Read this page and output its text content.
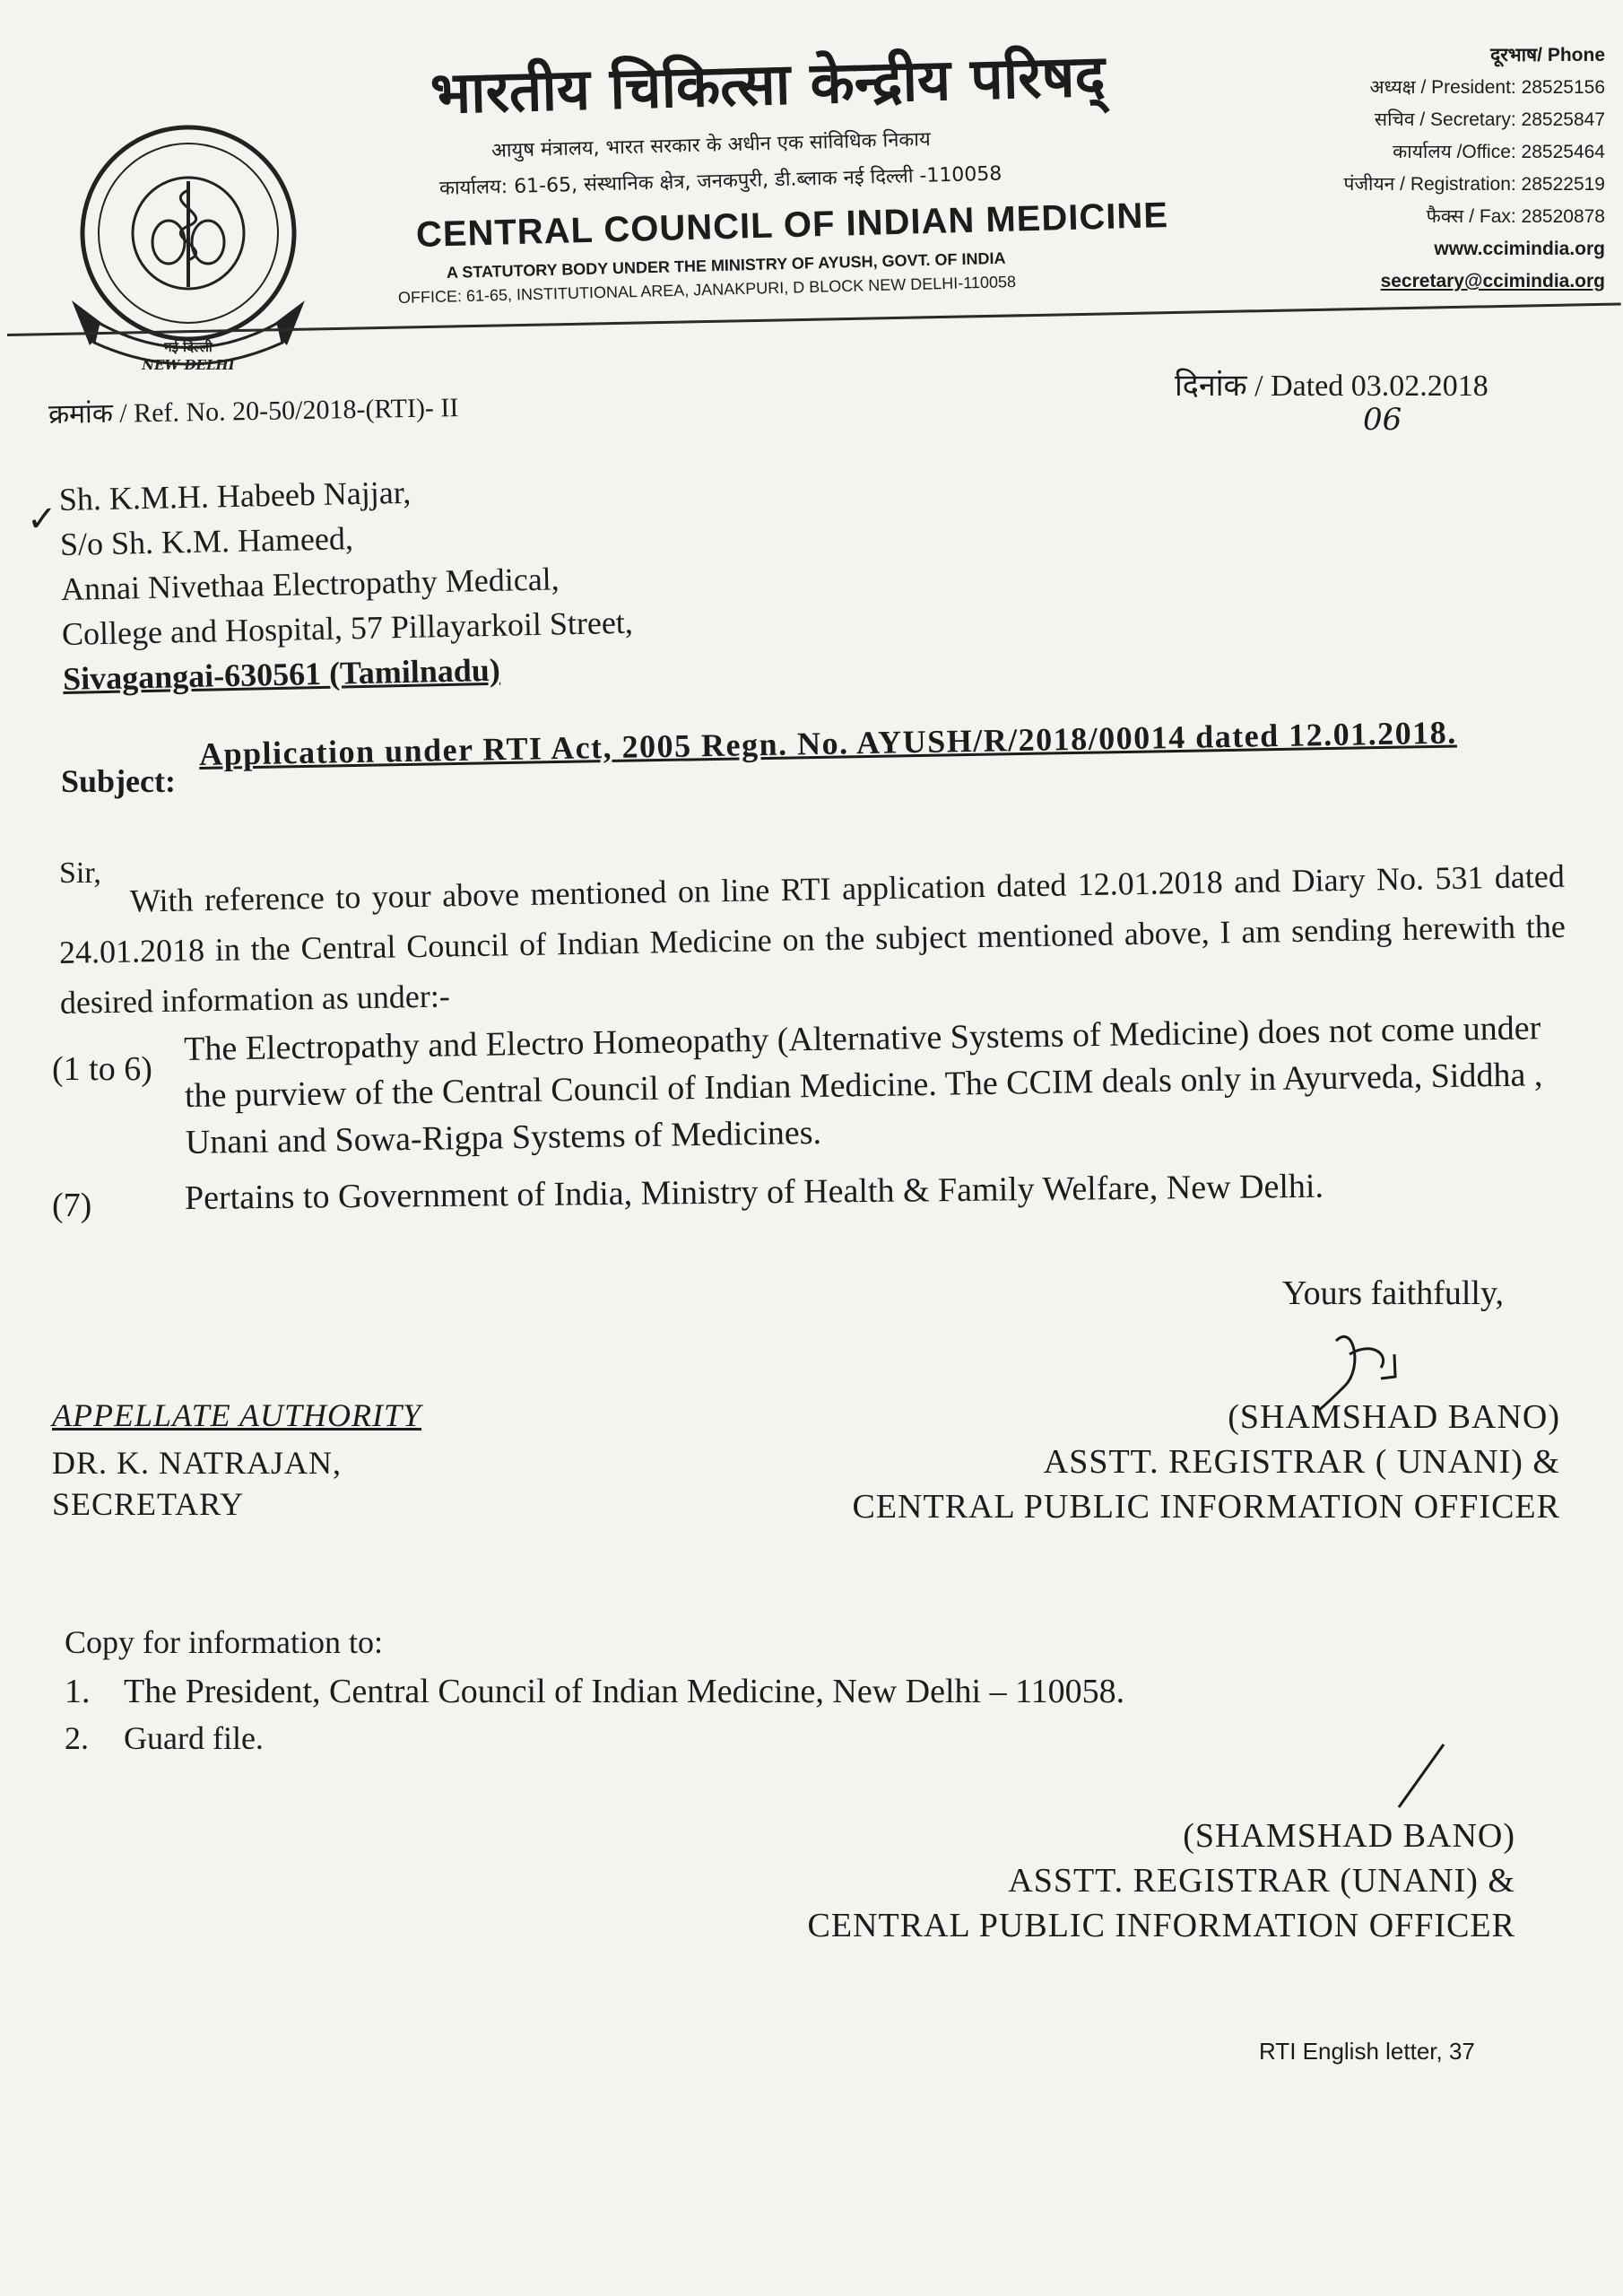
नई दिल्ली
NEW DELHI
भारतीय चिकित्सा केन्द्रीय परिषद्
आयुष मंत्रालय, भारत सरकार के अधीन एक सांविधिक निकाय
कार्यालय: 61-65, संस्थानिक क्षेत्र, जनकपुरी, डी.ब्लाक नई दिल्ली -110058
CENTRAL COUNCIL OF INDIAN MEDICINE
A STATUTORY BODY UNDER THE MINISTRY OF AYUSH, GOVT. OF INDIA
OFFICE: 61-65, INSTITUTIONAL AREA, JANAKPURI, D BLOCK NEW DELHI-110058
दूरभाष/ Phone
अध्यक्ष / President: 28525156
सचिव / Secretary: 28525847
कार्यालय /Office: 28525464
पंजीयन / Registration: 28522519
फैक्स / Fax: 28520878
www.ccimindia.org
secretary@ccimindia.org
क्रमांक / Ref. No. 20-50/2018-(RTI)- II
दिनांक / Dated 03.02.2018
06
✓
Sh. K.M.H. Habeeb Najjar,
S/o Sh. K.M. Hameed,
Annai Nivethaa Electropathy Medical,
College and Hospital, 57 Pillayarkoil Street,
Sivagangai-630561 (Tamilnadu)
Subject:
Application under RTI Act, 2005 Regn. No. AYUSH/R/2018/00014 dated 12.01.2018.
Sir, With reference to your above mentioned on line RTI application dated 12.01.2018 and Diary No. 531 dated 24.01.2018 in the Central Council of Indian Medicine on the subject mentioned above, I am sending herewith the desired information as under:-
(1 to 6)
The Electropathy and Electro Homeopathy (Alternative Systems of Medicine) does not come under the purview of the Central Council of Indian Medicine. The CCIM deals only in Ayurveda, Siddha , Unani and Sowa-Rigpa Systems of Medicines.
(7)	Pertains to Government of India, Ministry of Health & Family Welfare, New Delhi.
Yours faithfully,
APPELLATE AUTHORITY
DR. K. NATRAJAN,
SECRETARY
(SHAMSHAD BANO)
ASSTT. REGISTRAR ( UNANI) &
CENTRAL PUBLIC INFORMATION OFFICER
Copy for information to:
1. The President, Central Council of Indian Medicine, New Delhi – 110058.
2. Guard file.
(SHAMSHAD BANO)
ASSTT. REGISTRAR (UNANI) &
CENTRAL PUBLIC INFORMATION OFFICER
RTI English letter, 37
